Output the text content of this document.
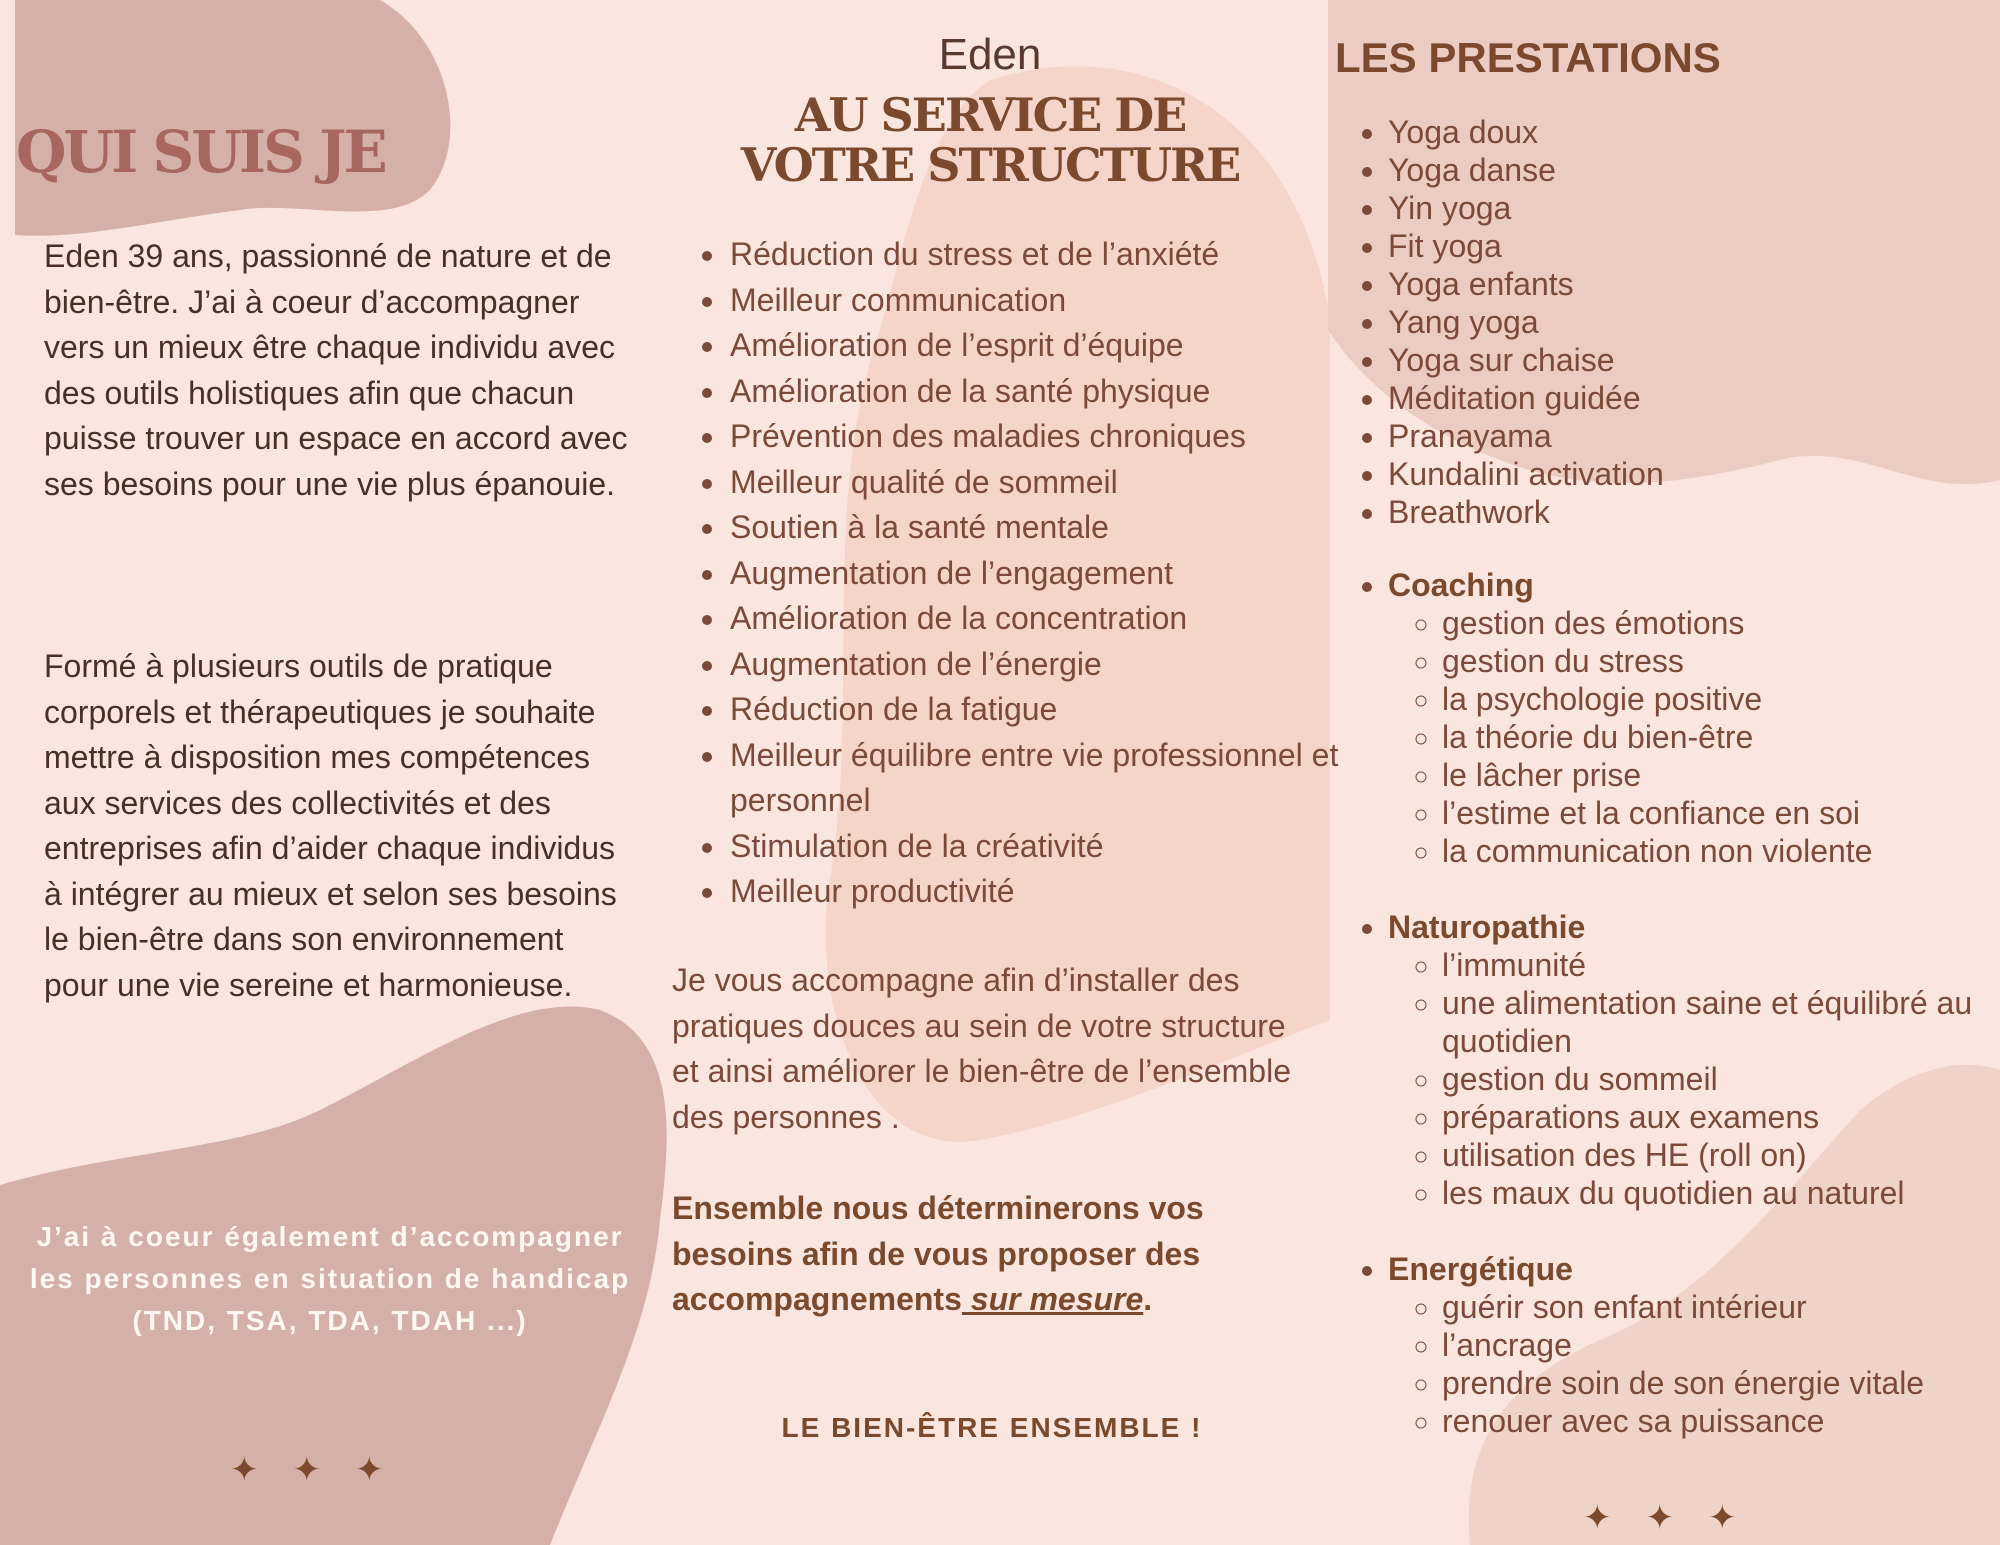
QUI SUIS JE

Eden 39 ans, passionné de nature et de bien-être. J’ai à coeur d’accompagner vers un mieux être chaque individu avec des outils holistiques afin que chacun puisse trouver un espace en accord avec ses besoins pour une vie plus épanouie.

Formé à plusieurs outils de pratique corporels et thérapeutiques je souhaite mettre à disposition mes compétences aux services des collectivités et des entreprises afin d’aider chaque individus à intégrer au mieux et selon ses besoins le bien-être dans son environnement pour une vie sereine et harmonieuse.

J’ai à coeur également d’accompagner les personnes en situation de handicap (TND, TSA, TDA, TDAH ...)
✦ ✦ ✦
Eden
AU SERVICE DE
VOTRE STRUCTURE
• Réduction du stress et de l’anxiété
• Meilleur communication
• Amélioration de l’esprit d’équipe
• Amélioration de la santé physique
• Prévention des maladies chroniques
• Meilleur qualité de sommeil
• Soutien à la santé mentale
• Augmentation de l’engagement
• Amélioration de la concentration
• Augmentation de l’énergie
• Réduction de la fatigue
• Meilleur équilibre entre vie professionnel et personnel
• Stimulation de la créativité
• Meilleur productivité

Je vous accompagne afin d’installer des pratiques douces au sein de votre structure et ainsi améliorer le bien-être de l’ensemble des personnes .

Ensemble nous déterminerons vos besoins afin de vous proposer des accompagnements sur mesure.

LE BIEN-ÊTRE ENSEMBLE !
LES PRESTATIONS
• Yoga doux
• Yoga danse
• Yin yoga
• Fit yoga
• Yoga enfants
• Yang yoga
• Yoga sur chaise
• Méditation guidée
• Pranayama
• Kundalini activation
• Breathwork
• Coaching
◦ gestion des émotions
◦ gestion du stress
◦ la psychologie positive
◦ la théorie du bien-être
◦ le lâcher prise
◦ l’estime et la confiance en soi
◦ la communication non violente
• Naturopathie
◦ l’immunité
◦ une alimentation saine et équilibré au quotidien
◦ gestion du sommeil
◦ préparations aux examens
◦ utilisation des HE (roll on)
◦ les maux du quotidien au naturel
• Energétique
◦ guérir son enfant intérieur
◦ l’ancrage
◦ prendre soin de son énergie vitale
◦ renouer avec sa puissance
✦ ✦ ✦
